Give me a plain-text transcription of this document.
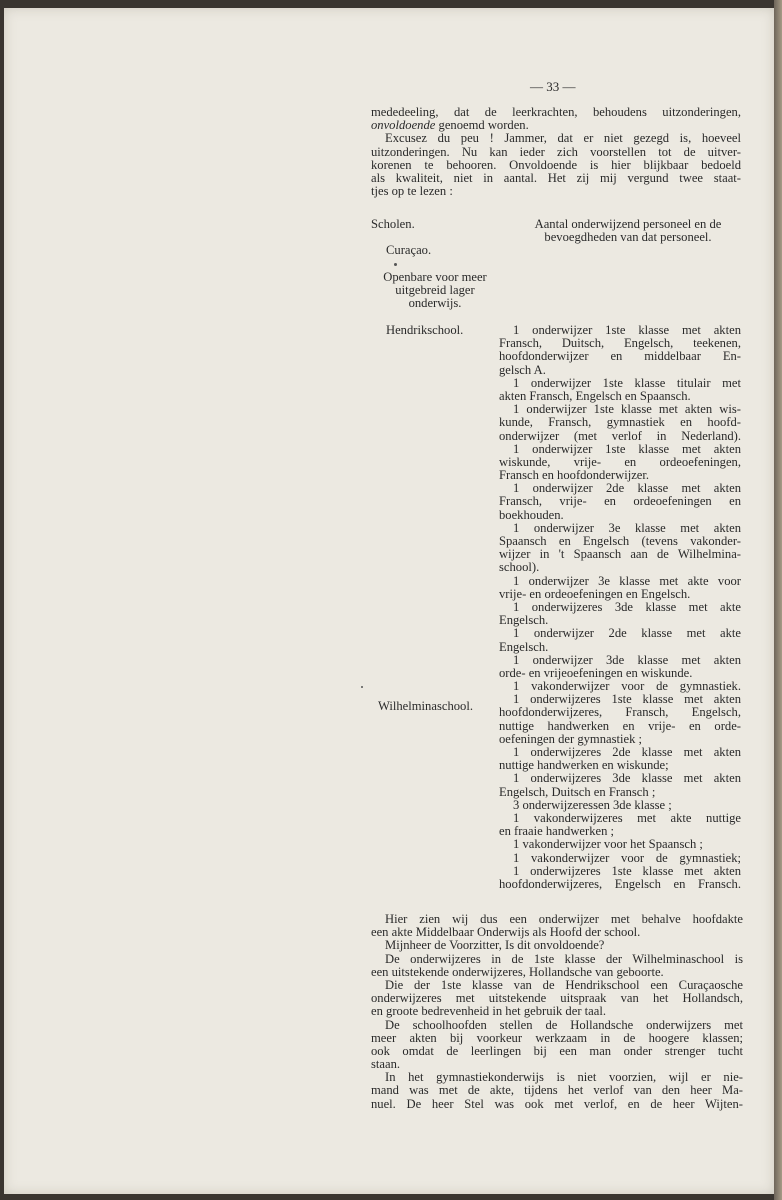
— 33 —
mededeeling, dat de leerkrachten, behoudens uitzonderingen,
onvoldoende genoemd worden.
Excusez du peu ! Jammer, dat er niet gezegd is, hoeveel
uitzonderingen. Nu kan ieder zich voorstellen tot de uitver-
korenen te behooren. Onvoldoende is hier blijkbaar bedoeld
als kwaliteit, niet in aantal. Het zij mij vergund twee staat-
tjes op te lezen :
Scholen.	Aantal onderwijzend personeel en de
bevoegdheden van dat personeel.
Curaçao.
Openbare voor meer
uitgebreid lager
onderwijs.
Hendrikschool.
Wilhelminaschool.
1 onderwijzer 1ste klasse met akten
Fransch, Duitsch, Engelsch, teekenen,
hoofdonderwijzer en middelbaar En-
gelsch A.
1 onderwijzer 1ste klasse titulair met
akten Fransch, Engelsch en Spaansch.
1 onderwijzer 1ste klasse met akten wis-
kunde, Fransch, gymnastiek en hoofd-
onderwijzer (met verlof in Nederland).
1 onderwijzer 1ste klasse met akten
wiskunde, vrije- en ordeoefeningen,
Fransch en hoofdonderwijzer.
1 onderwijzer 2de klasse met akten
Fransch, vrije- en ordeoefeningen en
boekhouden.
1 onderwijzer 3e klasse met akten
Spaansch en Engelsch (tevens vakonder-
wijzer in 't Spaansch aan de Wilhelmina-
school).
1 onderwijzer 3e klasse met akte voor
vrije- en ordeoefeningen en Engelsch.
1 onderwijzeres 3de klasse met akte
Engelsch.
1 onderwijzer 2de klasse met akte
Engelsch.
1 onderwijzer 3de klasse met akten
orde- en vrijeoefeningen en wiskunde.
1 vakonderwijzer voor de gymnastiek.
1 onderwijzeres 1ste klasse met akten
hoofdonderwijzeres, Fransch, Engelsch,
nuttige handwerken en vrije- en orde-
oefeningen der gymnastiek ;
1 onderwijzeres 2de klasse met akten
nuttige handwerken en wiskunde;
1 onderwijzeres 3de klasse met akten
Engelsch, Duitsch en Fransch ;
3 onderwijzeressen 3de klasse ;
1 vakonderwijzeres met akte nuttige
en fraaie handwerken ;
1 vakonderwijzer voor het Spaansch ;
1 vakonderwijzer voor de gymnastiek;
1 onderwijzeres 1ste klasse met akten
hoofdonderwijzeres, Engelsch en Fransch.
Hier zien wij dus een onderwijzer met behalve hoofdakte
een akte Middelbaar Onderwijs als Hoofd der school.
Mijnheer de Voorzitter, Is dit onvoldoende?
De onderwijzeres in de 1ste klasse der Wilhelminaschool is
een uitstekende onderwijzeres, Hollandsche van geboorte.
Die der 1ste klasse van de Hendrikschool een Curaçaosche
onderwijzeres met uitstekende uitspraak van het Hollandsch,
en groote bedrevenheid in het gebruik der taal.
De schoolhoofden stellen de Hollandsche onderwijzers met
meer akten bij voorkeur werkzaam in de hoogere klassen;
ook omdat de leerlingen bij een man onder strenger tucht
staan.
In het gymnastiekonderwijs is niet voorzien, wijl er nie-
mand was met de akte, tijdens het verlof van den heer Ma-
nuel. De heer Stel was ook met verlof, en de heer Wijten-
